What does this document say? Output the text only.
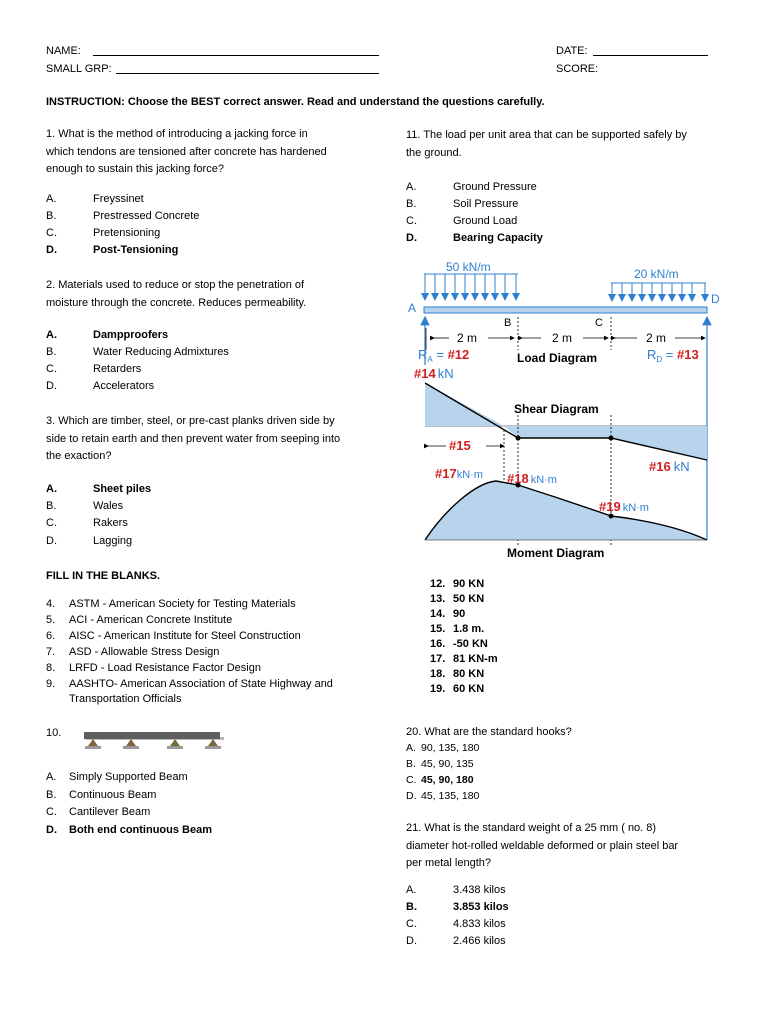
NAME:
SMALL GRP:
DATE:
SCORE:
INSTRUCTION: Choose the BEST correct answer. Read and understand the questions carefully.
1. What is the method of introducing a jacking force in
which tendons are tensioned after concrete has hardened
enough to sustain this jacking force?
A.	Freyssinet
B.	Prestressed Concrete
C.	Pretensioning
D.	Post-Tensioning
2. Materials used to reduce or stop the penetration of
moisture through the concrete. Reduces permeability.
A.	Dampproofers
B.	Water Reducing Admixtures
C.	Retarders
D.	Accelerators
3. Which are timber, steel, or pre-cast planks driven side by
side to retain earth and then prevent water from seeping into
the exaction?
A.	Sheet piles
B.	Wales
C.	Rakers
D.	Lagging
FILL IN THE BLANKS.
4. ASTM - American Society for Testing Materials
5. ACI - American Concrete Institute
6. AISC - American Institute for Steel Construction
7. ASD - Allowable Stress Design
8. LRFD - Load Resistance Factor Design
9. AASHTO- American Association of State Highway and
Transportation Officials
10.
A. Simply Supported Beam
B. Continuous Beam
C. Cantilever Beam
D. Both end continuous Beam
11. The load per unit area that can be supported safely by
the ground.
A.	Ground Pressure
B.	Soil Pressure
C.	Ground Load
D.	Bearing Capacity
50 kN/m	20 kN/m
A
D
B	C
2 m	2 m	2 m
$R_A$ = #12	$R_D$ = #13
Load Diagram
#14 kN
Shear Diagram
#15
#16 kN
#17kN·m #18 kN·m
#19 kN·m
Moment Diagram
12. 90 KN
13. 50 KN
14. 90
15. 1.8 m.
16. -50 KN
17. 81 KN-m
18. 80 KN
19. 60 KN
20. What are the standard hooks?
A. 90, 135, 180
B. 45, 90, 135
C. 45, 90, 180
D. 45, 135, 180
21. What is the standard weight of a 25 mm ( no. 8)
diameter hot-rolled weldable deformed or plain steel bar
per metal length?
A.	3.438 kilos
B.	3.853 kilos
C.	4.833 kilos
D.	2.466 kilos
